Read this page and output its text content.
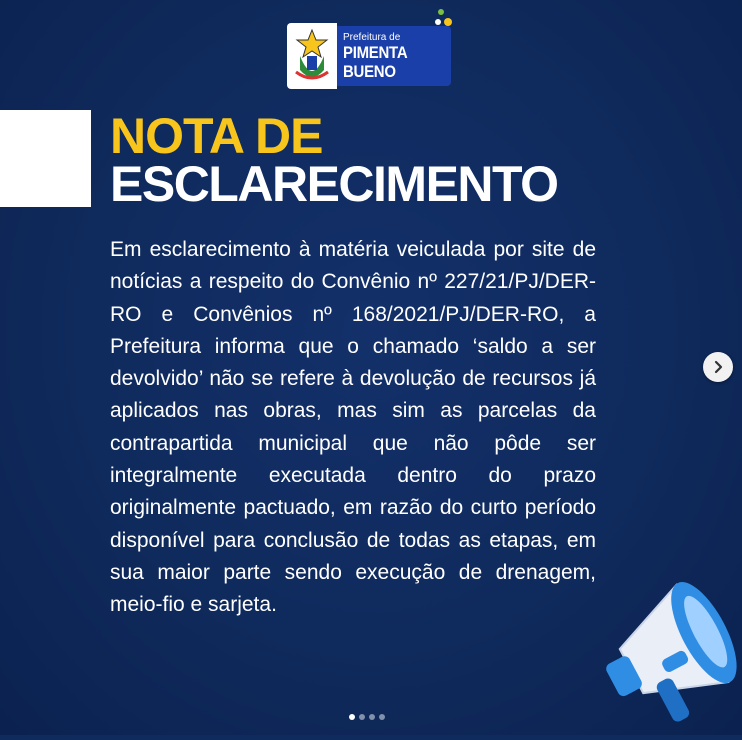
Prefeitura de
PIMENTA BUENO
NOTA DE
ESCLARECIMENTO
Em esclarecimento à matéria veiculada por site de notícias a respeito do Convênio nº 227/21/PJ/DER-RO e Convênios nº 168/2021/PJ/DER-RO, a Prefeitura informa que o chamado ‘saldo a ser devolvido’ não se refere à devolução de recursos já aplicados nas obras, mas sim as parcelas da contrapartida municipal que não pôde ser integralmente executada dentro do prazo originalmente pactuado, em razão do curto período disponível para conclusão de todas as etapas, em sua maior parte sendo execução de drenagem, meio-fio e sarjeta.
